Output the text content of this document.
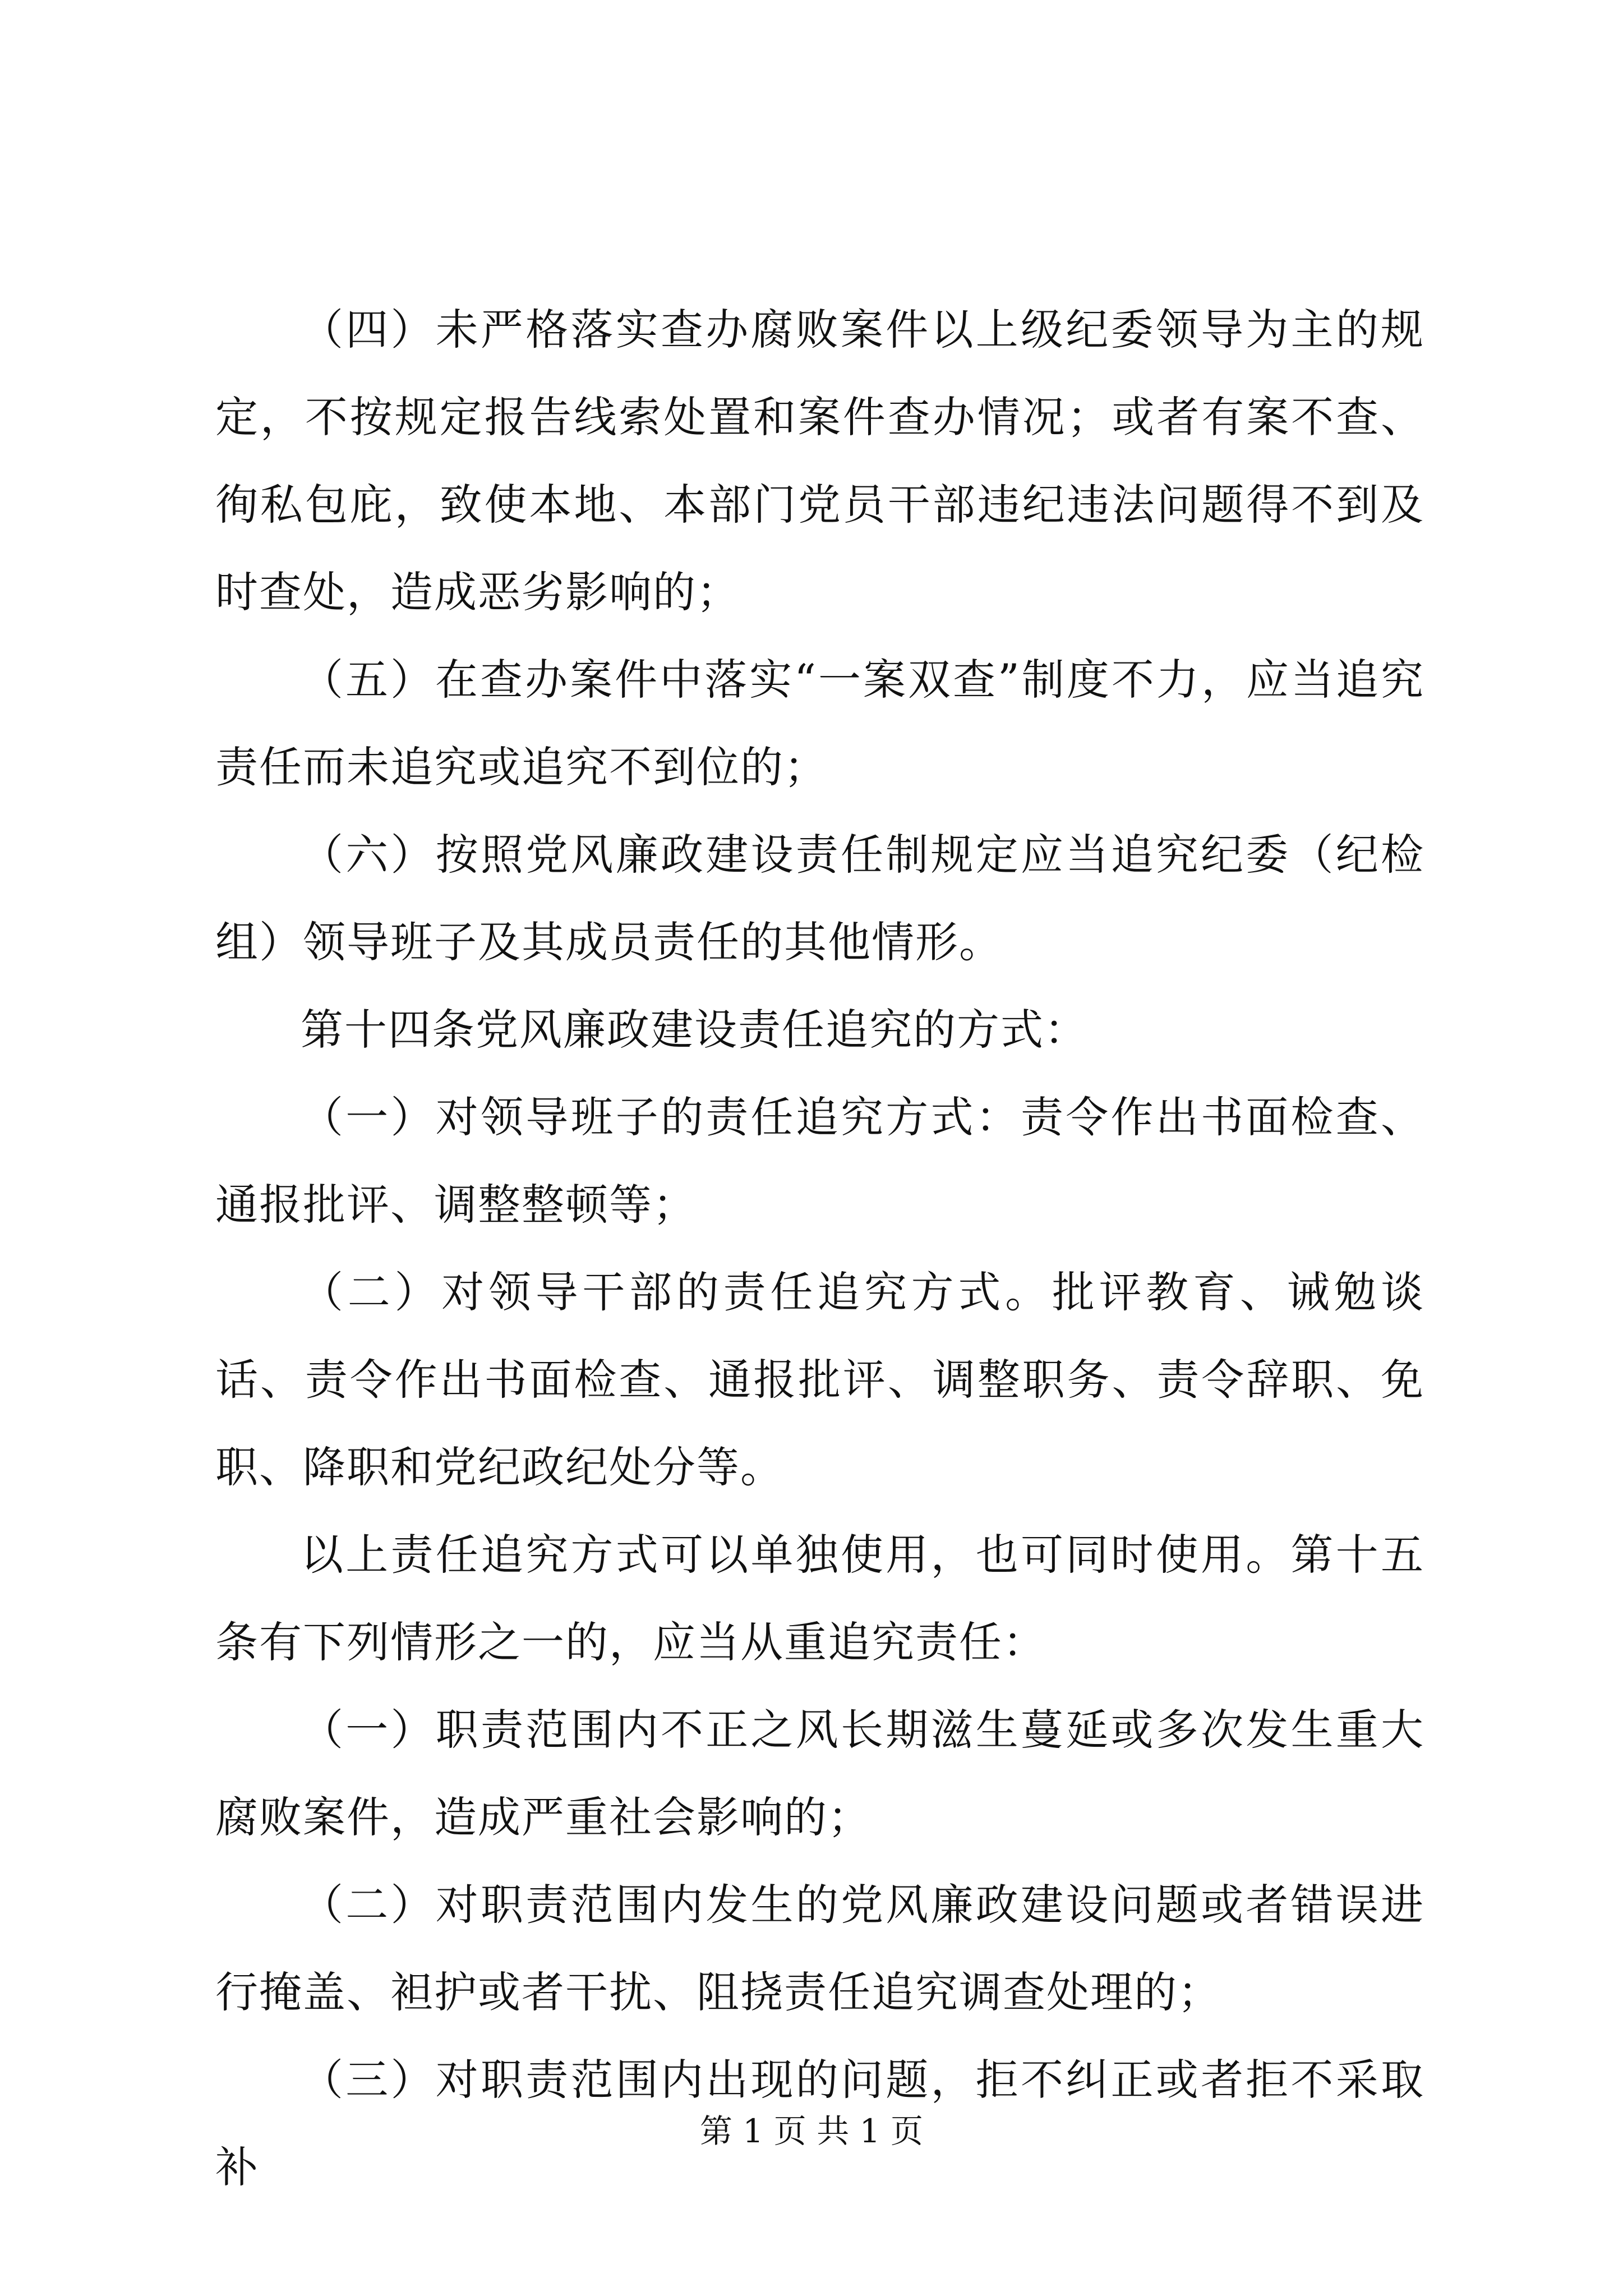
（四）未严格落实查办腐败案件以上级纪委领导为主的规定，不按规定报告线索处置和案件查办情况；或者有案不查、徇私包庇，致使本地、本部门党员干部违纪违法问题得不到及时查处，造成恶劣影响的；

（五）在查办案件中落实“一案双查”制度不力，应当追究责任而未追究或追究不到位的；

（六）按照党风廉政建设责任制规定应当追究纪委（纪检组）领导班子及其成员责任的其他情形。

第十四条党风廉政建设责任追究的方式：

（一）对领导班子的责任追究方式：责令作出书面检查、通报批评、调整整顿等；

（二）对领导干部的责任追究方式。批评教育、诫勉谈话、责令作出书面检查、通报批评、调整职务、责令辞职、免职、降职和党纪政纪处分等。

以上责任追究方式可以单独使用，也可同时使用。第十五条有下列情形之一的，应当从重追究责任：

（一）职责范围内不正之风长期滋生蔓延或多次发生重大腐败案件，造成严重社会影响的；

（二）对职责范围内发生的党风廉政建设问题或者错误进行掩盖、袒护或者干扰、阻挠责任追究调查处理的；

（三）对职责范围内出现的问题，拒不纠正或者拒不采取补

第 1 页 共 1 页
